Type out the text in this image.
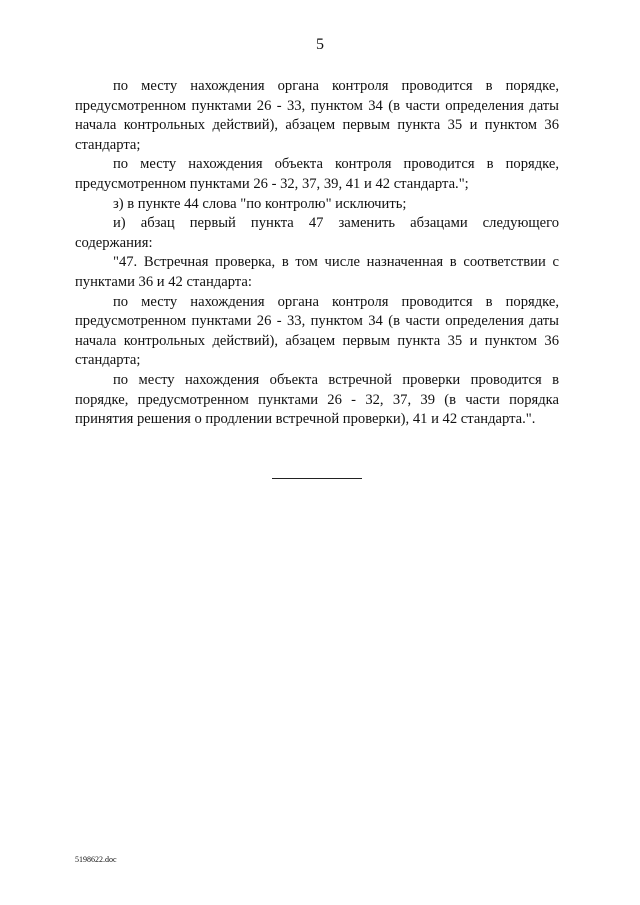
5

по месту нахождения органа контроля проводится в порядке, предусмотренном пунктами 26 - 33, пунктом 34 (в части определения даты начала контрольных действий), абзацем первым пункта 35 и пунктом 36 стандарта;

по месту нахождения объекта контроля проводится в порядке, предусмотренном пунктами 26 - 32, 37, 39, 41 и 42 стандарта.";

з) в пункте 44 слова "по контролю" исключить;

и) абзац первый пункта 47 заменить абзацами следующего содержания:

"47. Встречная проверка, в том числе назначенная в соответствии с пунктами 36 и 42 стандарта:

по месту нахождения органа контроля проводится в порядке, предусмотренном пунктами 26 - 33, пунктом 34 (в части определения даты начала контрольных действий), абзацем первым пункта 35 и пунктом 36 стандарта;

по месту нахождения объекта встречной проверки проводится в порядке, предусмотренном пунктами 26 - 32, 37, 39 (в части порядка принятия решения о продлении встречной проверки), 41 и 42 стандарта.".

5198622.doc
